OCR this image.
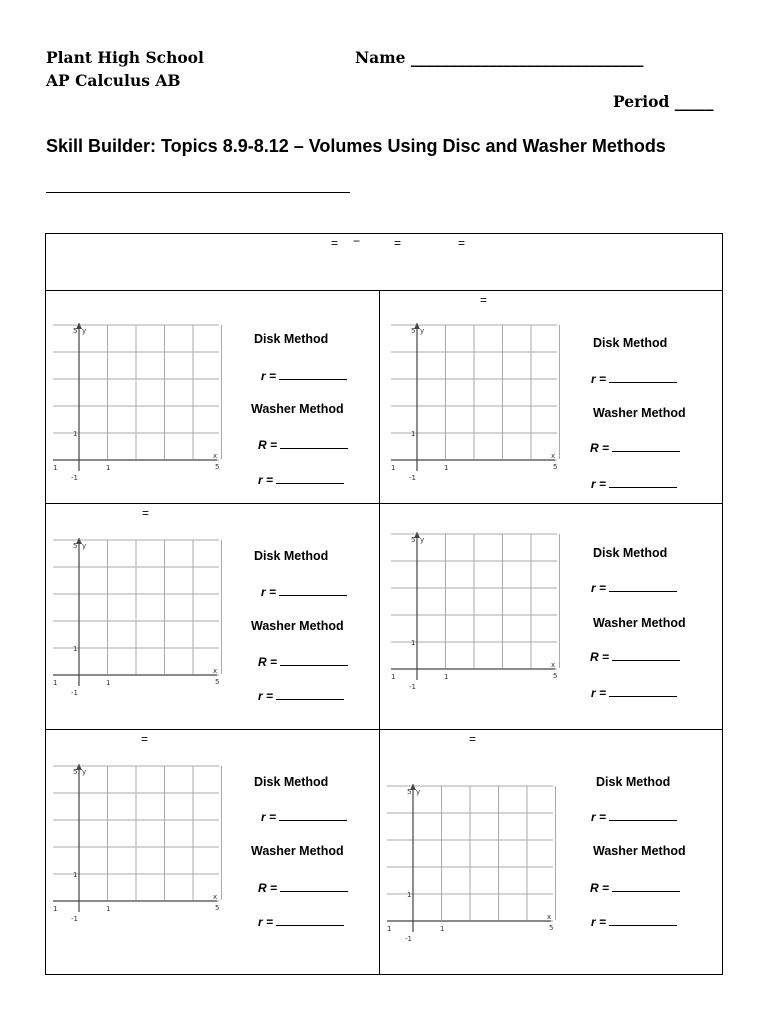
Plant High School
AP Calculus AB
Name ______________________________
Period _____
Skill Builder: Topics 8.9-8.12 – Volumes Using Disc and Washer Methods
= −	=	=
5 y
1
x
5
1	1
-1
Disk Method
r =
Washer Method
R =
r =
=
5 y
1
x
5
1	1
-1
Disk Method
r =
Washer Method
R =
r =
=
5 y
1
x
5
1	1
-1
Disk Method
r =
Washer Method
R =
r =
5 y
1
x
5
1	1
-1
Disk Method
r =
Washer Method
R =
r =
=
5 y
1
x
5
1	1
-1
Disk Method
r =
Washer Method
R =
r =
=
5 y
1
x
5
1	1
-1
Disk Method
r =
Washer Method
R =
r =
